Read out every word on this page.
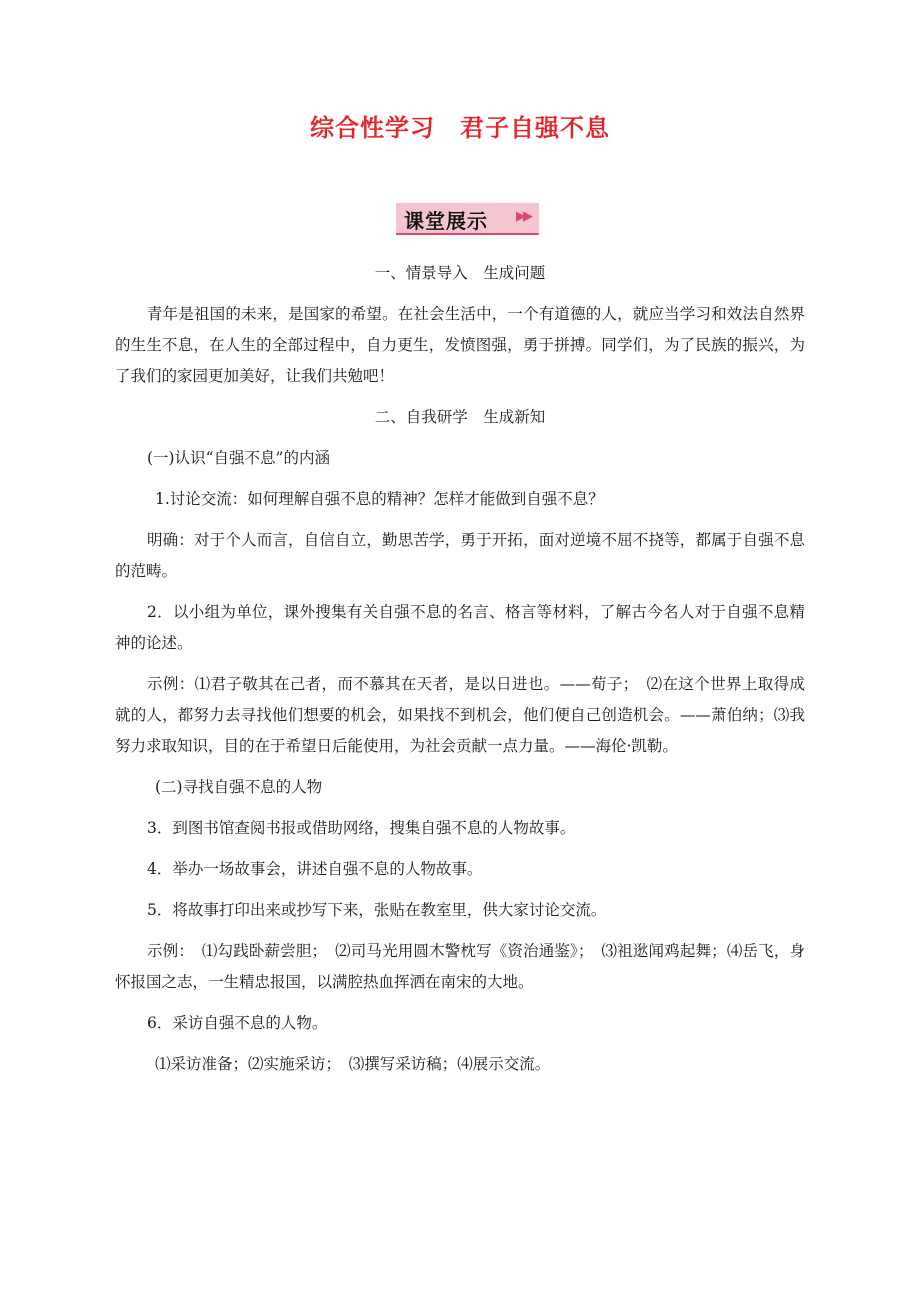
综合性学习　君子自强不息
课堂展示 ▶▶

一、情景导入　生成问题

青年是祖国的未来，是国家的希望。在社会生活中，一个有道德的人，就应当学习和效法自然界的生生不息，在人生的全部过程中，自力更生，发愤图强，勇于拼搏。同学们，为了民族的振兴，为了我们的家园更加美好，让我们共勉吧！

二、自我研学　生成新知

(一)认识“自强不息”的内涵

1.讨论交流：如何理解自强不息的精神？怎样才能做到自强不息？

明确：对于个人而言，自信自立，勤思苦学，勇于开拓，面对逆境不屈不挠等，都属于自强不息的范畴。

2．以小组为单位，课外搜集有关自强不息的名言、格言等材料，了解古今名人对于自强不息精神的论述。

示例：⑴君子敬其在己者，而不慕其在天者，是以日进也。——荀子；　⑵在这个世界上取得成就的人，都努力去寻找他们想要的机会，如果找不到机会，他们便自己创造机会。——萧伯纳；⑶我努力求取知识，目的在于希望日后能使用，为社会贡献一点力量。——海伦·凯勒。

(二)寻找自强不息的人物

3．到图书馆查阅书报或借助网络，搜集自强不息的人物故事。

4．举办一场故事会，讲述自强不息的人物故事。

5．将故事打印出来或抄写下来，张贴在教室里，供大家讨论交流。

示例：　⑴勾践卧薪尝胆；　⑵司马光用圆木警枕写《资治通鉴》；　⑶祖逖闻鸡起舞；⑷岳飞，身怀报国之志，一生精忠报国，以满腔热血挥洒在南宋的大地。

6．采访自强不息的人物。

⑴采访准备；⑵实施采访；　⑶撰写采访稿；⑷展示交流。
